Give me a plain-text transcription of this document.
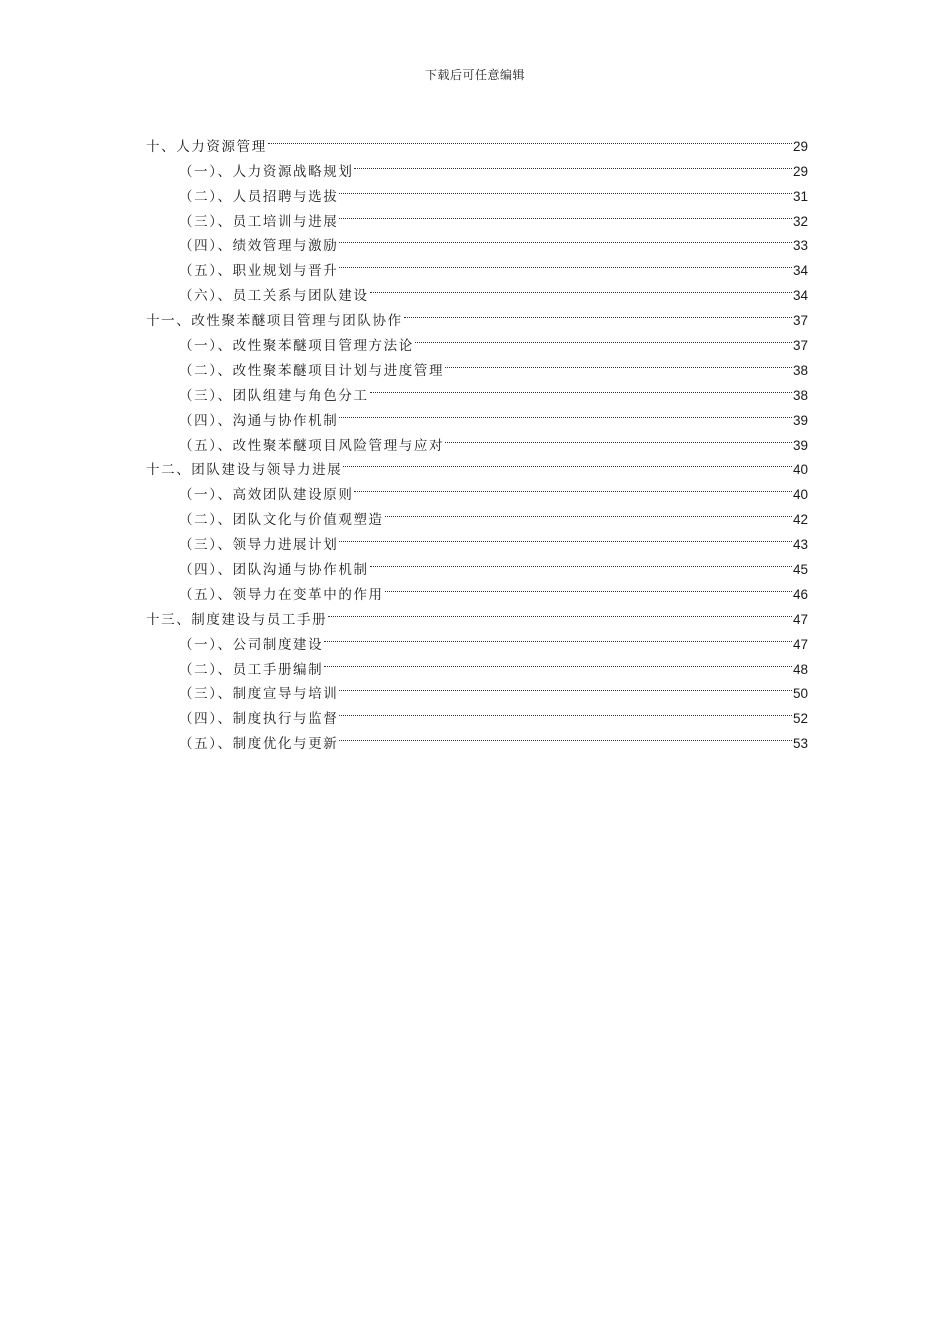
下载后可任意编辑
十、人力资源管理	29
（一）、人力资源战略规划	29
（二）、人员招聘与选拔	31
（三）、员工培训与进展	32
（四）、绩效管理与激励	33
（五）、职业规划与晋升	34
（六）、员工关系与团队建设	34
十一、改性聚苯醚项目管理与团队协作	37
（一）、改性聚苯醚项目管理方法论	37
（二）、改性聚苯醚项目计划与进度管理	38
（三）、团队组建与角色分工	38
（四）、沟通与协作机制	39
（五）、改性聚苯醚项目风险管理与应对	39
十二、团队建设与领导力进展	40
（一）、高效团队建设原则	40
（二）、团队文化与价值观塑造	42
（三）、领导力进展计划	43
（四）、团队沟通与协作机制	45
（五）、领导力在变革中的作用	46
十三、制度建设与员工手册	47
（一）、公司制度建设	47
（二）、员工手册编制	48
（三）、制度宣导与培训	50
（四）、制度执行与监督	52
（五）、制度优化与更新	53
